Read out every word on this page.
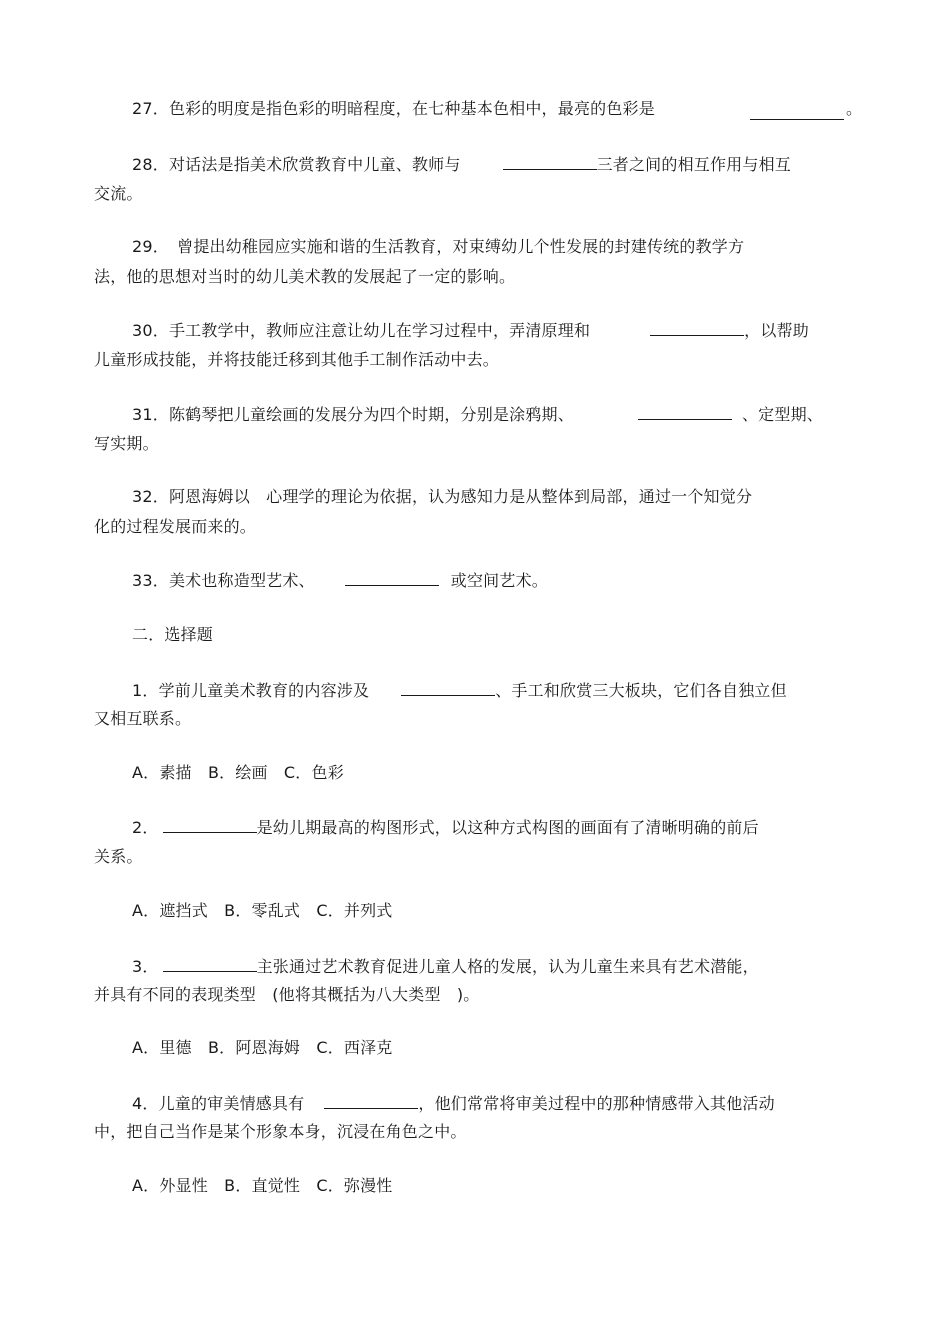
27．色彩的明度是指色彩的明暗程度，在七种基本色相中，最亮的色彩是	。
28．对话法是指美术欣赏教育中儿童、教师与	三者之间的相互作用与相互
交流。
29．　曾提出幼稚园应实施和谐的生活教育，对束缚幼儿个性发展的封建传统的教学方
法，他的思想对当时的幼儿美术教的发展起了一定的影响。
30．手工教学中，教师应注意让幼儿在学习过程中，弄清原理和	，以帮助
儿童形成技能，并将技能迁移到其他手工制作活动中去。
31．陈鹤琴把儿童绘画的发展分为四个时期，分别是涂鸦期、	、定型期、
写实期。
32．阿恩海姆以　心理学的理论为依据，认为感知力是从整体到局部，通过一个知觉分
化的过程发展而来的。
33．美术也称造型艺术、	或空间艺术。
二．选择题
1．学前儿童美术教育的内容涉及	、手工和欣赏三大板块，它们各自独立但
又相互联系。
A．素描　B．绘画　C．色彩
2．	是幼儿期最高的构图形式，以这种方式构图的画面有了清晰明确的前后
关系。
A．遮挡式　B．零乱式　C．并列式
3．	主张通过艺术教育促进儿童人格的发展，认为儿童生来具有艺术潜能，
并具有不同的表现类型　(他将其概括为八大类型　)。
A．里德　B．阿恩海姆　C．西泽克
4．儿童的审美情感具有	，他们常常将审美过程中的那种情感带入其他活动
中，把自己当作是某个形象本身，沉浸在角色之中。
A．外显性　B．直觉性　C．弥漫性
